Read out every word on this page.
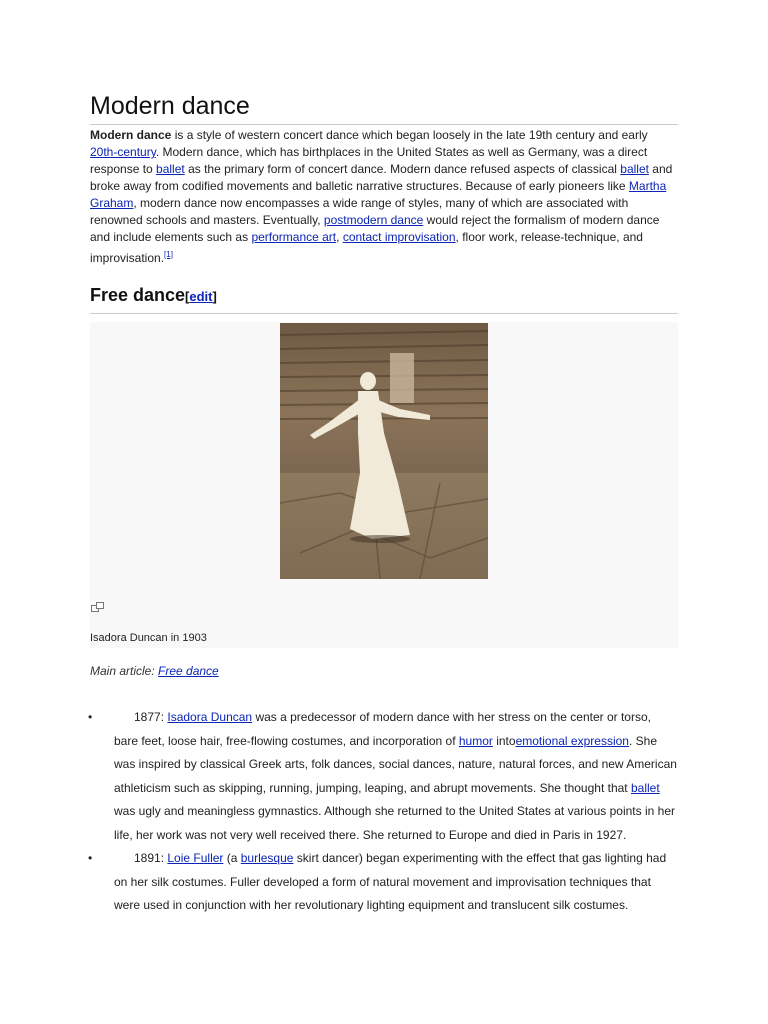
Modern dance

Modern dance is a style of western concert dance which began loosely in the late 19th century and early 20th-century. Modern dance, which has birthplaces in the United States as well as Germany, was a direct response to ballet as the primary form of concert dance. Modern dance refused aspects of classical ballet and broke away from codified movements and balletic narrative structures. Because of early pioneers like Martha Graham, modern dance now encompasses a wide range of styles, many of which are associated with renowned schools and masters. Eventually, postmodern dance would reject the formalism of modern dance and include elements such as performance art, contact improvisation, floor work, release-technique, and improvisation.[1]

Free dance[edit]
Isadora Duncan in 1903
Main article: Free dance
•	1877: Isadora Duncan was a predecessor of modern dance with her stress on the center or torso, bare feet, loose hair, free-flowing costumes, and incorporation of humor intoemotional expression. She was inspired by classical Greek arts, folk dances, social dances, nature, natural forces, and new American athleticism such as skipping, running, jumping, leaping, and abrupt movements. She thought that ballet was ugly and meaningless gymnastics. Although she returned to the United States at various points in her life, her work was not very well received there. She returned to Europe and died in Paris in 1927.
•	1891: Loie Fuller (a burlesque skirt dancer) began experimenting with the effect that gas lighting had on her silk costumes. Fuller developed a form of natural movement and improvisation techniques that were used in conjunction with her revolutionary lighting equipment and translucent silk costumes.
